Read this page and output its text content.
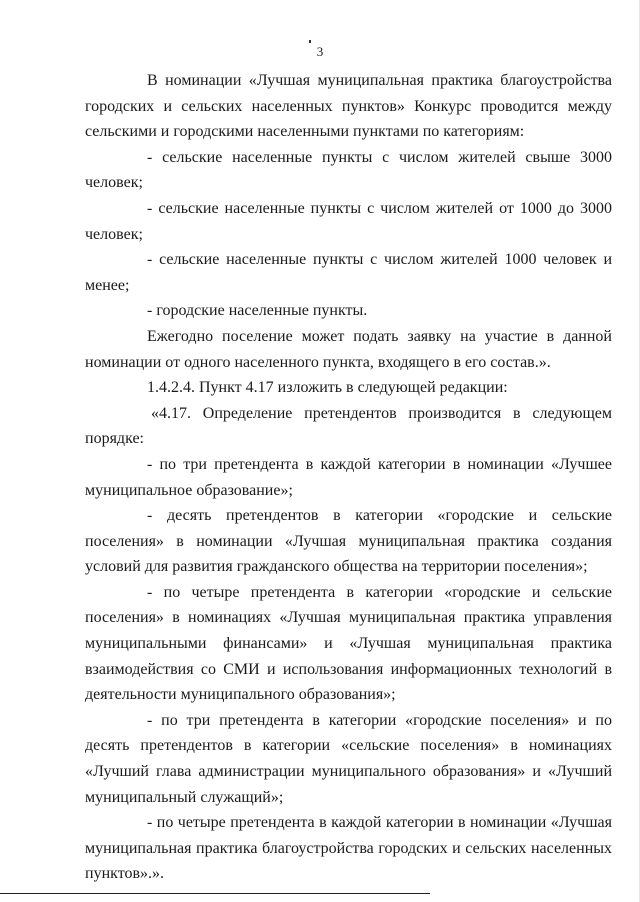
3

В номинации «Лучшая муниципальная практика благоустройства городских и сельских населенных пунктов» Конкурс проводится между сельскими и городскими населенными пунктами по категориям:

- сельские населенные пункты с числом жителей свыше 3000 человек;

- сельские населенные пункты с числом жителей от 1000 до 3000 человек;

- сельские населенные пункты с числом жителей 1000 человек и менее;

- городские населенные пункты.

Ежегодно поселение может подать заявку на участие в данной номинации от одного населенного пункта, входящего в его состав.».

1.4.2.4. Пункт 4.17 изложить в следующей редакции:

«4.17. Определение претендентов производится в следующем порядке:

- по три претендента в каждой категории в номинации «Лучшее муниципальное образование»;

- десять претендентов в категории «городские и сельские поселения» в номинации «Лучшая муниципальная практика создания условий для развития гражданского общества на территории поселения»;

- по четыре претендента в категории «городские и сельские поселения» в номинациях «Лучшая муниципальная практика управления муниципальными финансами» и «Лучшая муниципальная практика взаимодействия со СМИ и использования информационных технологий в деятельности муниципального образования»;

- по три претендента в категории «городские поселения» и по десять претендентов в категории «сельские поселения» в номинациях «Лучший глава администрации муниципального образования» и «Лучший муниципальный служащий»;

- по четыре претендента в каждой категории в номинации «Лучшая муниципальная практика благоустройства городских и сельских населенных пунктов».».
